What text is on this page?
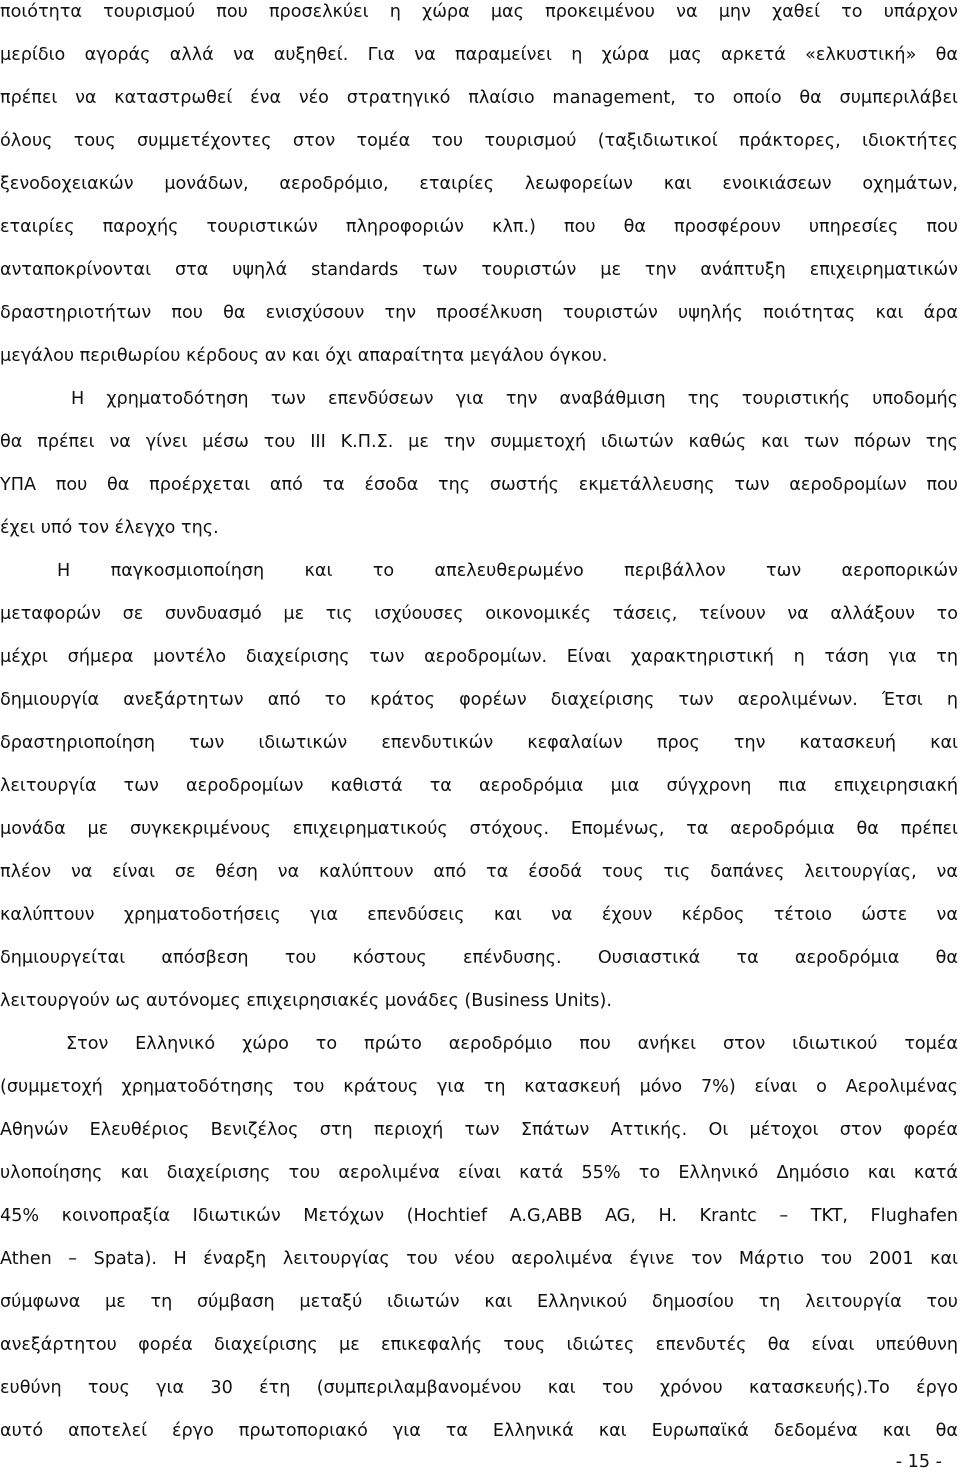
ποιότητα τουρισμού που προσελκύει η χώρα μας προκειμένου να μην χαθεί το υπάρχον
μερίδιο αγοράς αλλά να αυξηθεί. Για να παραμείνει η χώρα μας αρκετά «ελκυστική» θα
πρέπει να καταστρωθεί ένα νέο στρατηγικό πλαίσιο management, το οποίο θα συμπεριλάβει
όλους τους συμμετέχοντες στον τομέα του τουρισμού (ταξιδιωτικοί πράκτορες, ιδιοκτήτες
ξενοδοχειακών μονάδων, αεροδρόμιο, εταιρίες λεωφορείων και ενοικιάσεων οχημάτων,
εταιρίες παροχής τουριστικών πληροφοριών κλπ.) που θα προσφέρουν υπηρεσίες που
ανταποκρίνονται στα υψηλά standards των τουριστών με την ανάπτυξη επιχειρηματικών
δραστηριοτήτων που θα ενισχύσουν την προσέλκυση τουριστών υψηλής ποιότητας και άρα
μεγάλου περιθωρίου κέρδους αν και όχι απαραίτητα μεγάλου όγκου.
Η χρηματοδότηση των επενδύσεων για την αναβάθμιση της τουριστικής υποδομής
θα πρέπει να γίνει μέσω του ΙΙΙ Κ.Π.Σ. με την συμμετοχή ιδιωτών καθώς και των πόρων της
ΥΠΑ που θα προέρχεται από τα έσοδα της σωστής εκμετάλλευσης των αεροδρομίων που
έχει υπό τον έλεγχο της.
Η παγκοσμιοποίηση και το απελευθερωμένο περιβάλλον των αεροπορικών
μεταφορών σε συνδυασμό με τις ισχύουσες οικονομικές τάσεις, τείνουν να αλλάξουν το
μέχρι σήμερα μοντέλο διαχείρισης των αεροδρομίων. Είναι χαρακτηριστική η τάση για τη
δημιουργία ανεξάρτητων από το κράτος φορέων διαχείρισης των αερολιμένων. Έτσι η
δραστηριοποίηση των ιδιωτικών επενδυτικών κεφαλαίων προς την κατασκευή και
λειτουργία των αεροδρομίων καθιστά τα αεροδρόμια μια σύγχρονη πια επιχειρησιακή
μονάδα με συγκεκριμένους επιχειρηματικούς στόχους. Επομένως, τα αεροδρόμια θα πρέπει
πλέον να είναι σε θέση να καλύπτουν από τα έσοδά τους τις δαπάνες λειτουργίας, να
καλύπτουν χρηματοδοτήσεις για επενδύσεις και να έχουν κέρδος τέτοιο ώστε να
δημιουργείται απόσβεση του κόστους επένδυσης. Ουσιαστικά τα αεροδρόμια θα
λειτουργούν ως αυτόνομες επιχειρησιακές μονάδες (Business Units).
Στον Ελληνικό χώρο το πρώτο αεροδρόμιο που ανήκει στον ιδιωτικού τομέα
(συμμετοχή χρηματοδότησης του κράτους για τη κατασκευή μόνο 7%) είναι ο Αερολιμένας
Αθηνών Ελευθέριος Βενιζέλος στη περιοχή των Σπάτων Αττικής. Οι μέτοχοι στον φορέα
υλοποίησης και διαχείρισης του αερολιμένα είναι κατά 55% το Ελληνικό Δημόσιο και κατά
45% κοινοπραξία Ιδιωτικών Μετόχων (Hochtief A.G,ABB AG, H. Krantc – TKT, Flughafen
Athen – Spata). Η έναρξη λειτουργίας του νέου αερολιμένα έγινε τον Μάρτιο του 2001 και
σύμφωνα με τη σύμβαση μεταξύ ιδιωτών και Ελληνικού δημοσίου τη λειτουργία του
ανεξάρτητου φορέα διαχείρισης με επικεφαλής τους ιδιώτες επενδυτές θα είναι υπεύθυνη
ευθύνη τους για 30 έτη (συμπεριλαμβανομένου και του χρόνου κατασκευής).Το έργο
αυτό αποτελεί έργο πρωτοποριακό για τα Ελληνικά και Ευρωπαϊκά δεδομένα και θα
- 15 -
